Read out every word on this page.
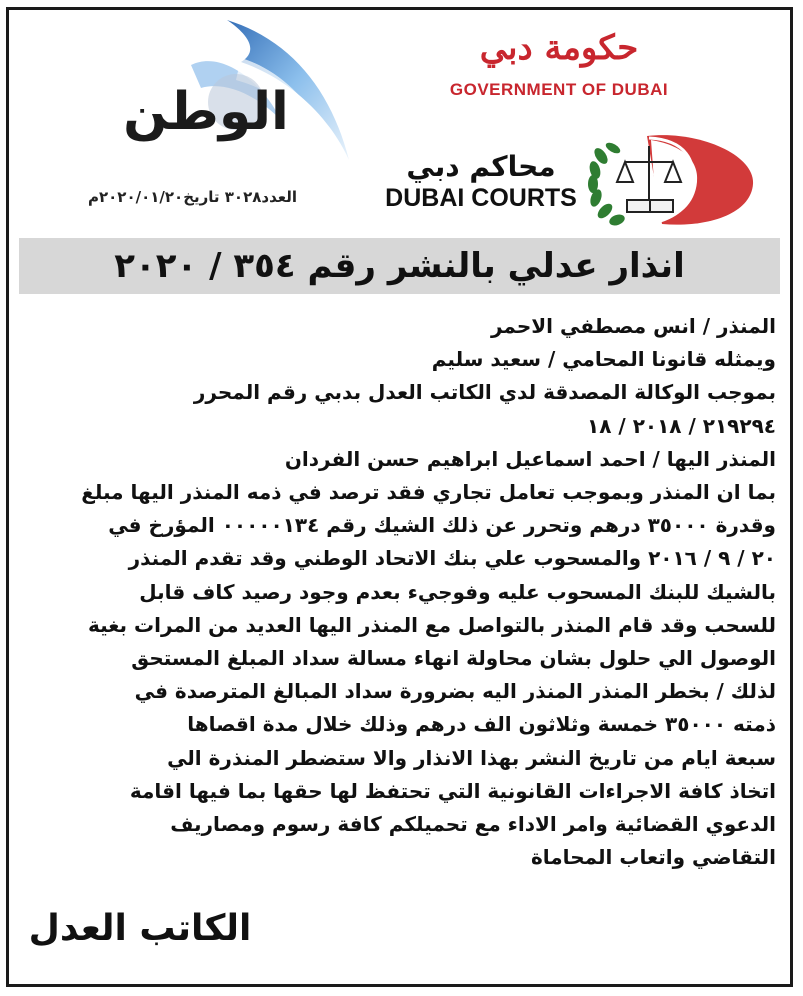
الوطن
العدد٣٠٢٨ تاريخ٢٠٢٠/٠١/٢٠م
حكومة دبي
GOVERNMENT OF DUBAI
محاكم دبي
DUBAI COURTS
انذار عدلي بالنشر رقم ٣٥٤ / ٢٠٢٠
المنذر / انس مصطفي الاحمر
ويمثله قانونا المحامي / سعيد سليم
بموجب الوكالة المصدقة لدي الكاتب العدل بدبي رقم المحرر
٢١٩٢٩٤ / ٢٠١٨ / ١٨
المنذر اليها / احمد اسماعيل ابراهيم حسن الفردان
بما ان المنذر وبموجب تعامل تجاري فقد ترصد في ذمه المنذر اليها مبلغ
وقدرة ٣٥٠٠٠ درهم وتحرر عن ذلك الشيك رقم ٠٠٠٠٠١٣٤ المؤرخ في
٢٠ / ٩ / ٢٠١٦ والمسحوب علي بنك الاتحاد الوطني وقد تقدم المنذر
بالشيك للبنك المسحوب عليه وفوجيء بعدم وجود رصيد كاف قابل
للسحب وقد قام المنذر بالتواصل مع المنذر اليها العديد من المرات بغية
الوصول الي حلول بشان محاولة انهاء مسالة سداد المبلغ المستحق
لذلك / بخطر المنذر المنذر اليه بضرورة سداد المبالغ المترصدة في
ذمته ٣٥٠٠٠ خمسة وثلاثون الف درهم وذلك خلال مدة اقصاها
سبعة ايام من تاريخ النشر بهذا الانذار والا ستضطر المنذرة الي
اتخاذ كافة الاجراءات القانونية التي تحتفظ لها حقها بما فيها اقامة
الدعوي القضائية وامر الاداء مع تحميلكم كافة رسوم ومصاريف
التقاضي واتعاب المحاماة
الكاتب العدل
